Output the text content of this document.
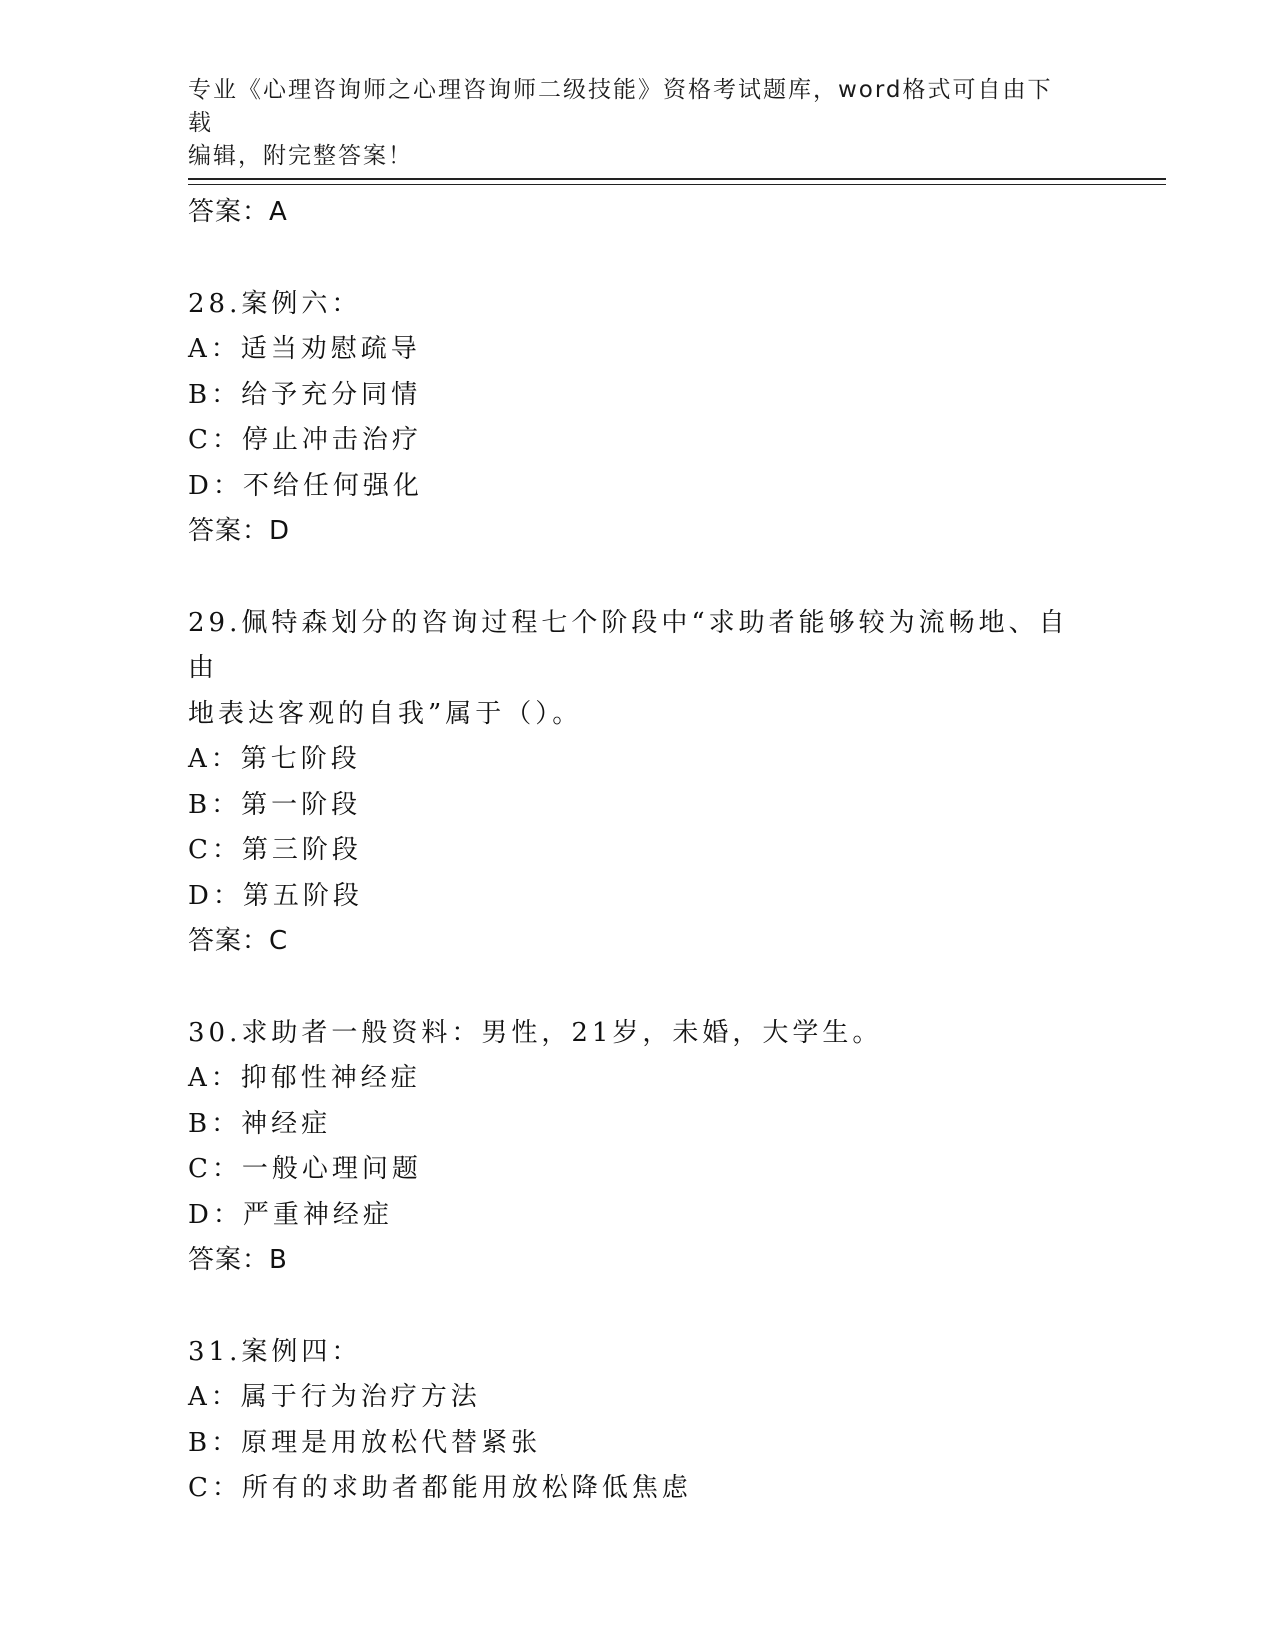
专业《心理咨询师之心理咨询师二级技能》资格考试题库，word格式可自由下载
编辑，附完整答案！
答案：A
28.案例六：
A：适当劝慰疏导
B：给予充分同情
C：停止冲击治疗
D：不给任何强化
答案：D
29.佩特森划分的咨询过程七个阶段中“求助者能够较为流畅地、自由
地表达客观的自我”属于（）。
A：第七阶段
B：第一阶段
C：第三阶段
D：第五阶段
答案：C
30.求助者一般资料：男性，21岁，未婚，大学生。
A：抑郁性神经症
B：神经症
C：一般心理问题
D：严重神经症
答案：B
31.案例四：
A：属于行为治疗方法
B：原理是用放松代替紧张
C：所有的求助者都能用放松降低焦虑
